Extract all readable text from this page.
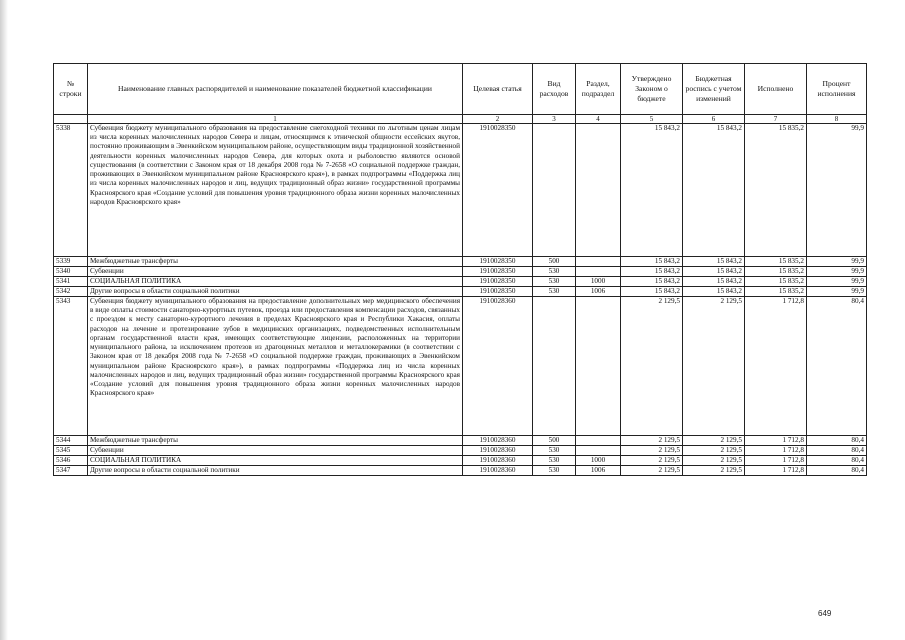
№ строки	Наименование главных распорядителей и наименование показателей бюджетной классификации	Целевая статья	Вид расходов	Раздел, подраздел	Утверждено Законом о бюджете	Бюджетная роспись с учетом изменений	Исполнено	Процент исполнения
	1	2	3	4	5	6	7	8
5338	Субвенция бюджету муниципального образования на предоставление снегоходной техники по льготным ценам лицам из числа коренных малочисленных народов Севера и лицам, относящимся к этнической общности ессейских якутов, постоянно проживающим в Эвенкийском муниципальном районе, осуществляющим виды традиционной хозяйственной деятельности коренных малочисленных народов Севера, для которых охота и рыболовство являются основой существования (в соответствии с Законом края от 18 декабря 2008 года № 7-2658 «О социальной поддержке граждан, проживающих в Эвенкийском муниципальном районе Красноярского края»), в рамках подпрограммы «Поддержка лиц из числа коренных малочисленных народов и лиц, ведущих традиционный образ жизни» государственной программы Красноярского края «Создание условий для повышения уровня традиционного образа жизни коренных малочисленных народов Красноярского края»	1910028350			15 843,2	15 843,2	15 835,2	99,9
5339	Межбюджетные трансферты	1910028350	500		15 843,2	15 843,2	15 835,2	99,9
5340	Субвенции	1910028350	530		15 843,2	15 843,2	15 835,2	99,9
5341	СОЦИАЛЬНАЯ ПОЛИТИКА	1910028350	530	1000	15 843,2	15 843,2	15 835,2	99,9
5342	Другие вопросы в области социальной политики	1910028350	530	1006	15 843,2	15 843,2	15 835,2	99,9
5343	Субвенция бюджету муниципального образования на предоставление дополнительных мер медицинского обеспечения в виде оплаты стоимости санаторно-курортных путевок, проезда или предоставления компенсации расходов, связанных с проездом к месту санаторно-курортного лечения в пределах Красноярского края и Республики Хакасия, оплаты расходов на лечение и протезирование зубов в медицинских организациях, подведомственных исполнительным органам государственной власти края, имеющих соответствующие лицензии, расположенных на территории муниципального района, за исключением протезов из драгоценных металлов и металлокерамики (в соответствии с Законом края от 18 декабря 2008 года № 7-2658 «О социальной поддержке граждан, проживающих в Эвенкийском муниципальном районе Красноярского края»), в рамках подпрограммы «Поддержка лиц из числа коренных малочисленных народов и лиц, ведущих традиционный образ жизни» государственной программы Красноярского края «Создание условий для повышения уровня традиционного образа жизни коренных малочисленных народов Красноярского края»	1910028360			2 129,5	2 129,5	1 712,8	80,4
5344	Межбюджетные трансферты	1910028360	500		2 129,5	2 129,5	1 712,8	80,4
5345	Субвенции	1910028360	530		2 129,5	2 129,5	1 712,8	80,4
5346	СОЦИАЛЬНАЯ ПОЛИТИКА	1910028360	530	1000	2 129,5	2 129,5	1 712,8	80,4
5347	Другие вопросы в области социальной политики	1910028360	530	1006	2 129,5	2 129,5	1 712,8	80,4
649
